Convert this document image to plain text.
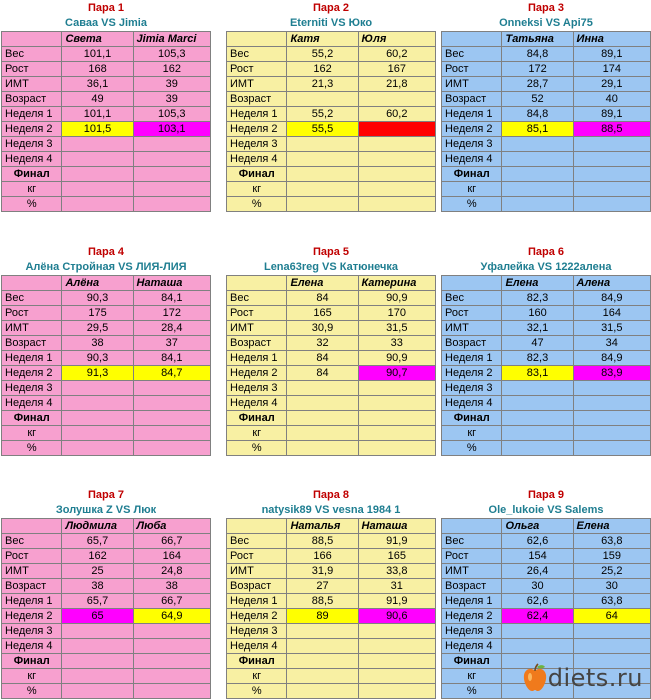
Пара 1
Саваа VS Jimia
	Света	Jimia Marci
Вес	101,1	105,3
Рост	168	162
ИМТ	36,1	39
Возраст	49	39
Неделя 1	101,1	105,3
Неделя 2	101,5	103,1
Неделя 3		
Неделя 4		
Финал		
кг		
%		
Пара 2
Eterniti VS Юко
	Катя	Юля
Вес	55,2	60,2
Рост	162	167
ИМТ	21,3	21,8
Возраст		
Неделя 1	55,2	60,2
Неделя 2	55,5	
Неделя 3		
Неделя 4		
Финал		
кг		
%		
Пара 3
Onneksi VS Api75
	Татьяна	Инна
Вес	84,8	89,1
Рост	172	174
ИМТ	28,7	29,1
Возраст	52	40
Неделя 1	84,8	89,1
Неделя 2	85,1	88,5
Неделя 3		
Неделя 4		
Финал		
кг		
%		
Пара 4
Алёна Стройная VS ЛИЯ-ЛИЯ
	Алёна	Наташа
Вес	90,3	84,1
Рост	175	172
ИМТ	29,5	28,4
Возраст	38	37
Неделя 1	90,3	84,1
Неделя 2	91,3	84,7
Неделя 3		
Неделя 4		
Финал		
кг		
%		
Пара 5
Lena63reg VS Катюнечка
	Елена	Катерина
Вес	84	90,9
Рост	165	170
ИМТ	30,9	31,5
Возраст	32	33
Неделя 1	84	90,9
Неделя 2	84	90,7
Неделя 3		
Неделя 4		
Финал		
кг		
%		
Пара 6
Уфалейка VS 1222алена
	Елена	Алена
Вес	82,3	84,9
Рост	160	164
ИМТ	32,1	31,5
Возраст	47	34
Неделя 1	82,3	84,9
Неделя 2	83,1	83,9
Неделя 3		
Неделя 4		
Финал		
кг		
%		
Пара 7
Золушка Z VS Люк
	Людмила	Люба
Вес	65,7	66,7
Рост	162	164
ИМТ	25	24,8
Возраст	38	38
Неделя 1	65,7	66,7
Неделя 2	65	64,9
Неделя 3		
Неделя 4		
Финал		
кг		
%		
Пара 8
natysik89 VS vesna 1984 1
	Наталья	Наташа
Вес	88,5	91,9
Рост	166	165
ИМТ	31,9	33,8
Возраст	27	31
Неделя 1	88,5	91,9
Неделя 2	89	90,6
Неделя 3		
Неделя 4		
Финал		
кг		
%		
Пара 9
Ole_lukoie VS Salems
	Ольга	Елена
Вес	62,6	63,8
Рост	154	159
ИМТ	26,4	25,2
Возраст	30	30
Неделя 1	62,6	63,8
Неделя 2	62,4	64
Неделя 3		
Неделя 4		
Финал		
кг		
%			diets.ru
